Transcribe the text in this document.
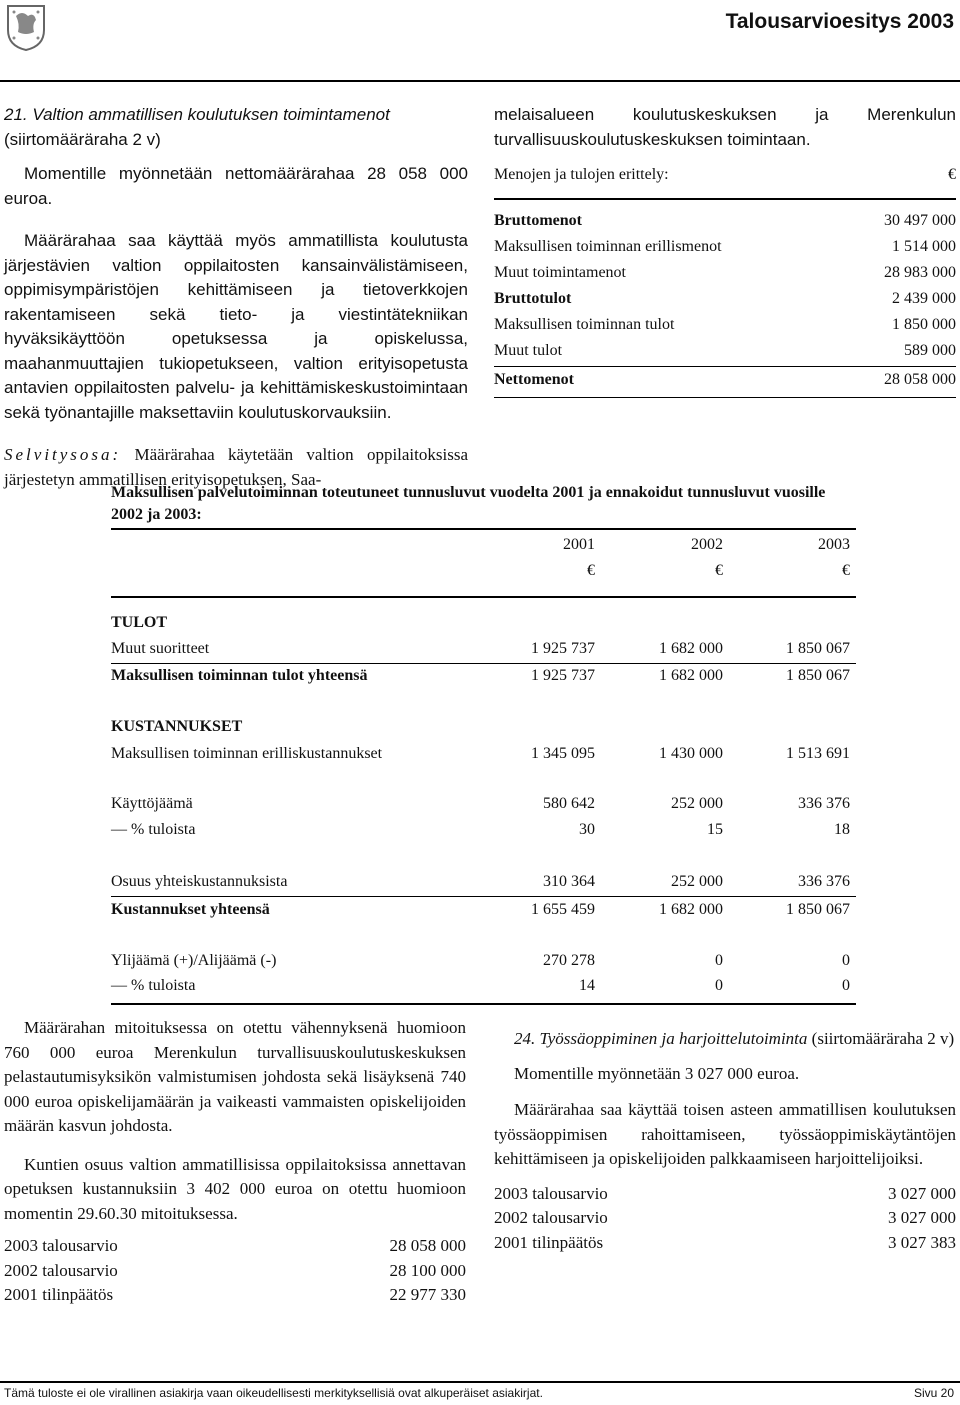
Talousarvioesitys 2003

21. Valtion ammatillisen koulutuksen toimintamenot
(siirtomääräraha 2 v)

Momentille myönnetään nettomäärärahaa 28 058 000 euroa.

Määrärahaa saa käyttää myös ammatillista koulutusta järjestävien valtion oppilaitosten kansainvälistämiseen, oppimisympäristöjen kehittämiseen ja tietoverkkojen rakentamiseen sekä tieto- ja viestintätekniikan hyväksikäyttöön opetuksessa ja opiskelussa, maahanmuuttajien tukiopetukseen, valtion erityisopetusta antavien oppilaitosten palvelu- ja kehittämiskeskustoimintaan sekä työnantajille maksettaviin koulutuskorvauksiin.

Selvitysosa: Määrärahaa käytetään valtion oppilaitoksissa järjestetyn ammatillisen erityisopetuksen, Saa-

melaisalueen koulutuskeskuksen ja Merenkulun turvallisuuskoulutuskeskuksen toimintaan.

Menojen ja tulojen erittely:	€
Bruttomenot	30 497 000
Maksullisen toiminnan erillismenot	1 514 000
Muut toimintamenot	28 983 000
Bruttotulot	2 439 000
Maksullisen toiminnan tulot	1 850 000
Muut tulot	589 000
Nettomenot	28 058 000
Maksullisen palvelutoiminnan toteutuneet tunnusluvut vuodelta 2001 ja ennakoidut tunnusluvut vuosille 2002 ja 2003:
2001	2002	2003
€	€	€
TULOT
Muut suoritteet	1 925 737	1 682 000	1 850 067
Maksullisen toiminnan tulot yhteensä	1 925 737	1 682 000	1 850 067
KUSTANNUKSET
Maksullisen toiminnan erilliskustannukset	1 345 095	1 430 000	1 513 691
Käyttöjäämä	580 642	252 000	336 376
— % tuloista	30	15	18
Osuus yhteiskustannuksista	310 364	252 000	336 376
Kustannukset yhteensä	1 655 459	1 682 000	1 850 067
Ylijäämä (+)/Alijäämä (-)	270 278	0	0
— % tuloista	14	0	0

Määrärahan mitoituksessa on otettu vähennyksenä huomioon 760 000 euroa Merenkulun turvallisuuskoulutuskeskuksen pelastautumisyksikön valmistumisen johdosta sekä lisäyksenä 740 000 euroa opiskelijamäärän ja vaikeasti vammaisten opiskelijoiden määrän kasvun johdosta.

Kuntien osuus valtion ammatillisissa oppilaitoksissa annettavan opetuksen kustannuksiin 3 402 000 euroa on otettu huomioon momentin 29.60.30 mitoituksessa.

2003 talousarvio	28 058 000
2002 talousarvio	28 100 000
2001 tilinpäätös	22 977 330

24. Työssäoppiminen ja harjoittelutoiminta (siirtomääräraha 2 v)

Momentille myönnetään 3 027 000 euroa.

Määrärahaa saa käyttää toisen asteen ammatillisen koulutuksen työssäoppimisen rahoittamiseen, työssäoppimiskäytäntöjen kehittämiseen ja opiskelijoiden palkkaamiseen harjoittelijoiksi.

2003 talousarvio	3 027 000
2002 talousarvio	3 027 000
2001 tilinpäätös	3 027 383
Tämä tuloste ei ole virallinen asiakirja vaan oikeudellisesti merkityksellisiä ovat alkuperäiset asiakirjat.	Sivu 20
